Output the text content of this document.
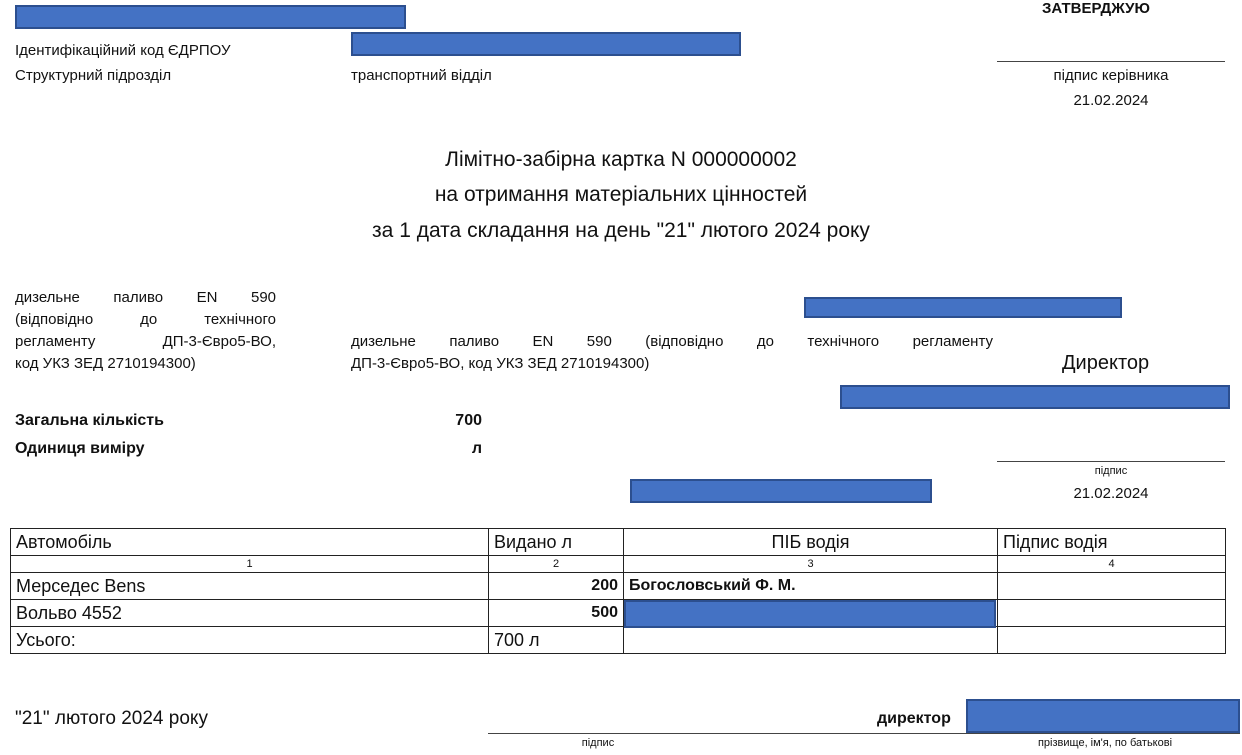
ЗАТВЕРДЖУЮ
Ідентифікаційний код ЄДРПОУ
Структурний підрозділ	транспортний відділ	підпис керівника
21.02.2024
Лімітно-забірна картка N 000000002
на отримання матеріальних цінностей
за 1 дата складання на день "21" лютого 2024 року
дизельне паливо EN 590
(відповідно до технічного
регламенту ДП-3-Євро5-ВО,
код УКЗ ЗЕД 2710194300)
дизельне паливо EN 590 (відповідно до технічного регламенту
ДП-3-Євро5-ВО, код УКЗ ЗЕД 2710194300)	Директор
Загальна кількість	700
Одиниця виміру	л
підпис
21.02.2024
Автомобіль	Видано л	ПІБ водія	Підпис водія
1	2	3	4
Мерседес Bens	200	Богословський Ф. М.	
Вольво 4552	500	

Усього:	700 л		
"21" лютого 2024 року	директор
підпис	прізвище, ім'я, по батькові
